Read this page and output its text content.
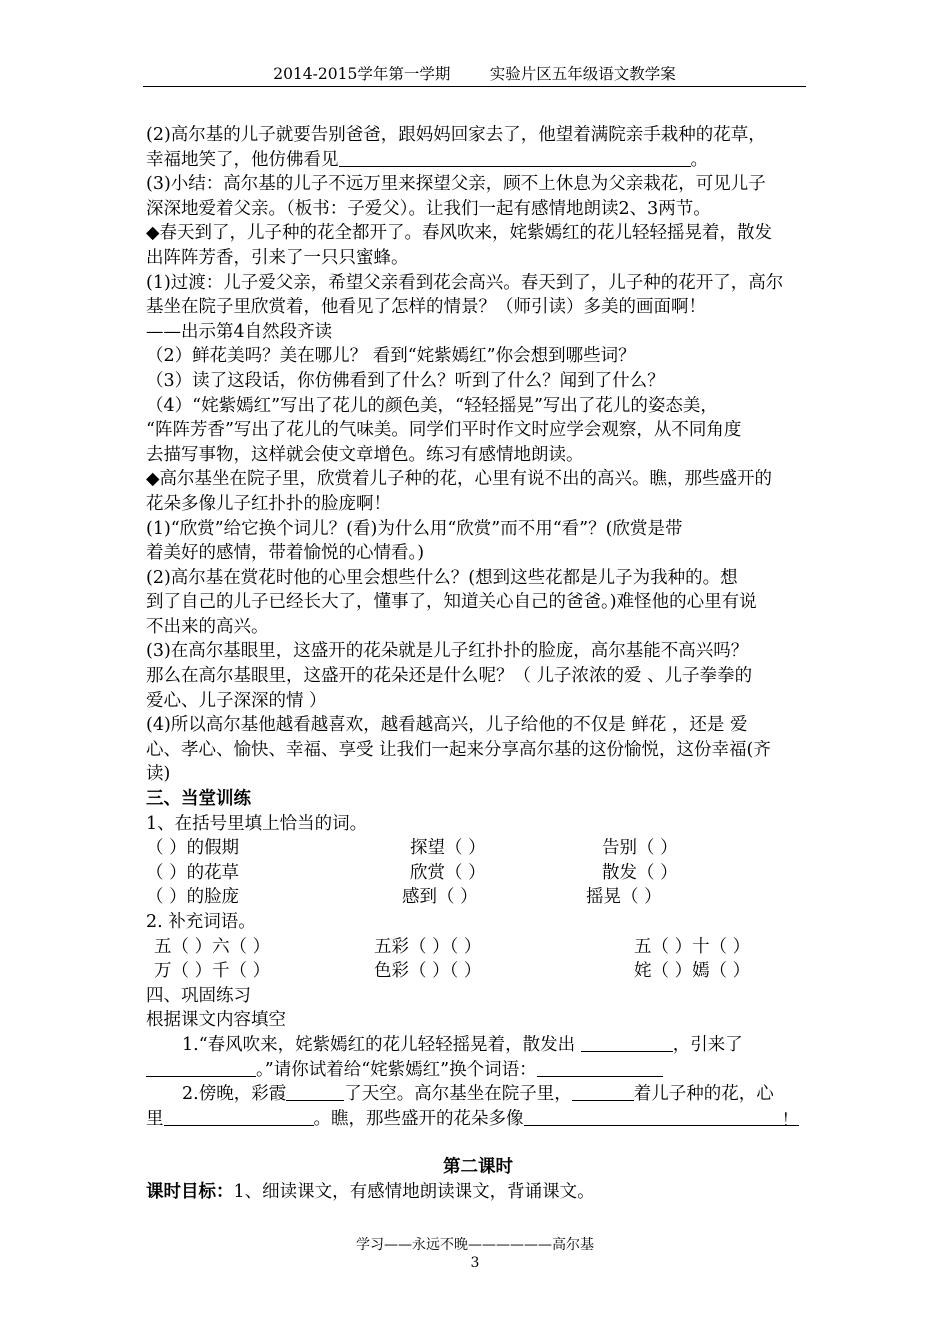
2014-2015学年第一学期	实验片区五年级语文教学案
(2)高尔基的儿子就要告别爸爸，跟妈妈回家去了，他望着满院亲手栽种的花草，
幸福地笑了，他仿佛看见	。
(3)小结：高尔基的儿子不远万里来探望父亲，顾不上休息为父亲栽花，可见儿子
深深地爱着父亲。（板书：子爱父）。让我们一起有感情地朗读2、3两节。
◆春天到了，儿子种的花全都开了。春风吹来，姹紫嫣红的花儿轻轻摇晃着，散发
出阵阵芳香，引来了一只只蜜蜂。
(1)过渡：儿子爱父亲，希望父亲看到花会高兴。春天到了，儿子种的花开了，高尔
基坐在院子里欣赏着，他看见了怎样的情景？（师引读）多美的画面啊！
——出示第4自然段齐读
（2）鲜花美吗？美在哪儿？ 看到“姹紫嫣红”你会想到哪些词？
（3）读了这段话，你仿佛看到了什么？听到了什么？闻到了什么？
（4）“姹紫嫣红”写出了花儿的颜色美，“轻轻摇晃”写出了花儿的姿态美，
“阵阵芳香”写出了花儿的气味美。同学们平时作文时应学会观察，从不同角度
去描写事物，这样就会使文章增色。练习有感情地朗读。
◆高尔基坐在院子里，欣赏着儿子种的花，心里有说不出的高兴。瞧，那些盛开的
花朵多像儿子红扑扑的脸庞啊！
(1)“欣赏”给它换个词儿？(看)为什么用“欣赏”而不用“看”？(欣赏是带
着美好的感情，带着愉悦的心情看。)
(2)高尔基在赏花时他的心里会想些什么？(想到这些花都是儿子为我种的。想
到了自己的儿子已经长大了，懂事了，知道关心自己的爸爸。)难怪他的心里有说
不出来的高兴。
(3)在高尔基眼里，这盛开的花朵就是儿子红扑扑的脸庞，高尔基能不高兴吗？
那么在高尔基眼里，这盛开的花朵还是什么呢？（ 儿子浓浓的爱 、儿子拳拳的
爱心、儿子深深的情 ）
(4)所以高尔基他越看越喜欢，越看越高兴，儿子给他的不仅是 鲜花 ，还是 爱
心、孝心、愉快、幸福、享受 让我们一起来分享高尔基的这份愉悦，这份幸福(齐
读)
三、当堂训练
1、在括号里填上恰当的词。
（ ）的假期	探望（ ）	告别（ ）
（ ）的花草	欣赏（ ）	散发（ ）
（ ）的脸庞	感到（ ）	摇晃（ ）
2. 补充词语。
五（ ）六（ ）	五彩（ ）（ ）	五（ ）十（ ）
万（ ）千（ ）	色彩（ ）（ ）	姹（ ）嫣（ ）
四、巩固练习
根据课文内容填空
1.“春风吹来，姹紫嫣红的花儿轻轻摇晃着，散发出	，引来了
。”请你试着给“姹紫嫣红”换个词语：
2.傍晚，彩霞	了天空。高尔基坐在院子里，	着儿子种的花，心
里	。瞧，那些盛开的花朵多像	！
第二课时
课时目标：1、细读课文，有感情地朗读课文，背诵课文。
学习——永远不晚——————高尔基
3
